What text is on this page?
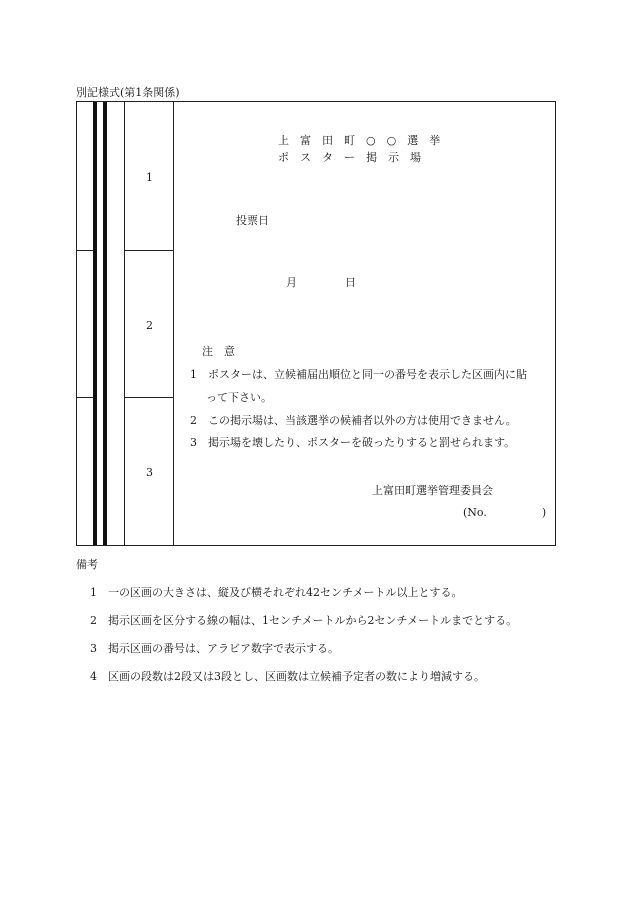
別記様式(第1条関係)
1
2
3
上　富　田　町　○　○　選　挙
ポ　ス　タ　ー　掲　示　場
投票日
月	日
注　意
1　ポスターは、立候補届出順位と同一の番号を表示した区画内に貼
って下さい。
2　この掲示場は、当該選挙の候補者以外の方は使用できません。
3　掲示場を壊したり、ポスターを破ったりすると罰せられます。
上富田町選挙管理委員会
(No.　　　　　)
備考
1　一の区画の大きさは、縦及び横それぞれ42センチメートル以上とする。
2　掲示区画を区分する線の幅は、1センチメートルから2センチメートルまでとする。
3　掲示区画の番号は、アラビア数字で表示する。
4　区画の段数は2段又は3段とし、区画数は立候補予定者の数により増減する。
